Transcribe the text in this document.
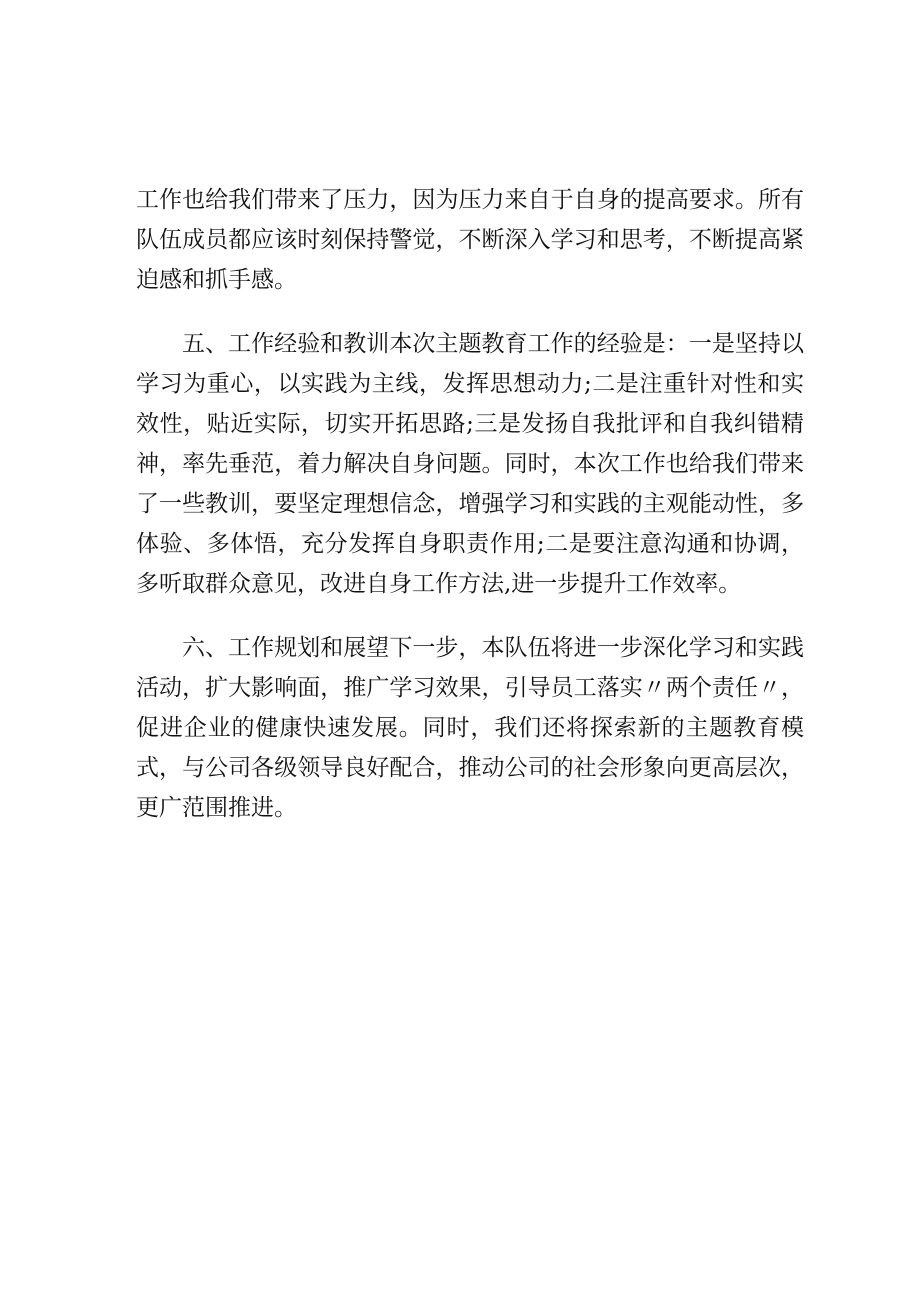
工作也给我们带来了压力，因为压力来自于自身的提高要求。所有队伍成员都应该时刻保持警觉，不断深入学习和思考，不断提高紧迫感和抓手感。

五、工作经验和教训本次主题教育工作的经验是：一是坚持以学习为重心，以实践为主线，发挥思想动力;二是注重针对性和实效性，贴近实际，切实开拓思路;三是发扬自我批评和自我纠错精神，率先垂范，着力解决自身问题。同时，本次工作也给我们带来了一些教训，要坚定理想信念，增强学习和实践的主观能动性，多体验、多体悟，充分发挥自身职责作用;二是要注意沟通和协调，多听取群众意见，改进自身工作方法,进一步提升工作效率。

六、工作规划和展望下一步，本队伍将进一步深化学习和实践活动，扩大影响面，推广学习效果，引导员工落实〃两个责任〃，促进企业的健康快速发展。同时，我们还将探索新的主题教育模式，与公司各级领导良好配合，推动公司的社会形象向更高层次，更广范围推进。
